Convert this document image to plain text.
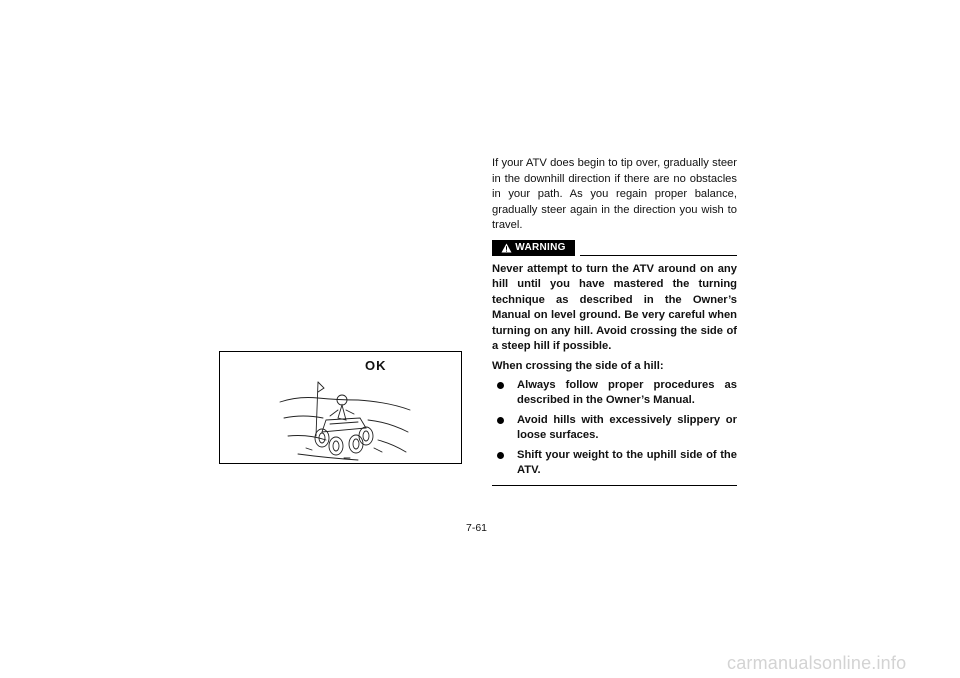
OK

If your ATV does begin to tip over, gradually steer in the downhill direction if there are no obstacles in your path. As you regain proper balance, gradually steer again in the direction you wish to travel.

WARNING

Never attempt to turn the ATV around on any hill until you have mastered the turning technique as described in the Owner’s Manual on level ground. Be very careful when turning on any hill. Avoid crossing the side of a steep hill if possible.

When crossing the side of a hill:

Always follow proper procedures as described in the Owner’s Manual.
Avoid hills with excessively slippery or loose surfaces.
Shift your weight to the uphill side of the ATV.
7-61
carmanualsonline.info
